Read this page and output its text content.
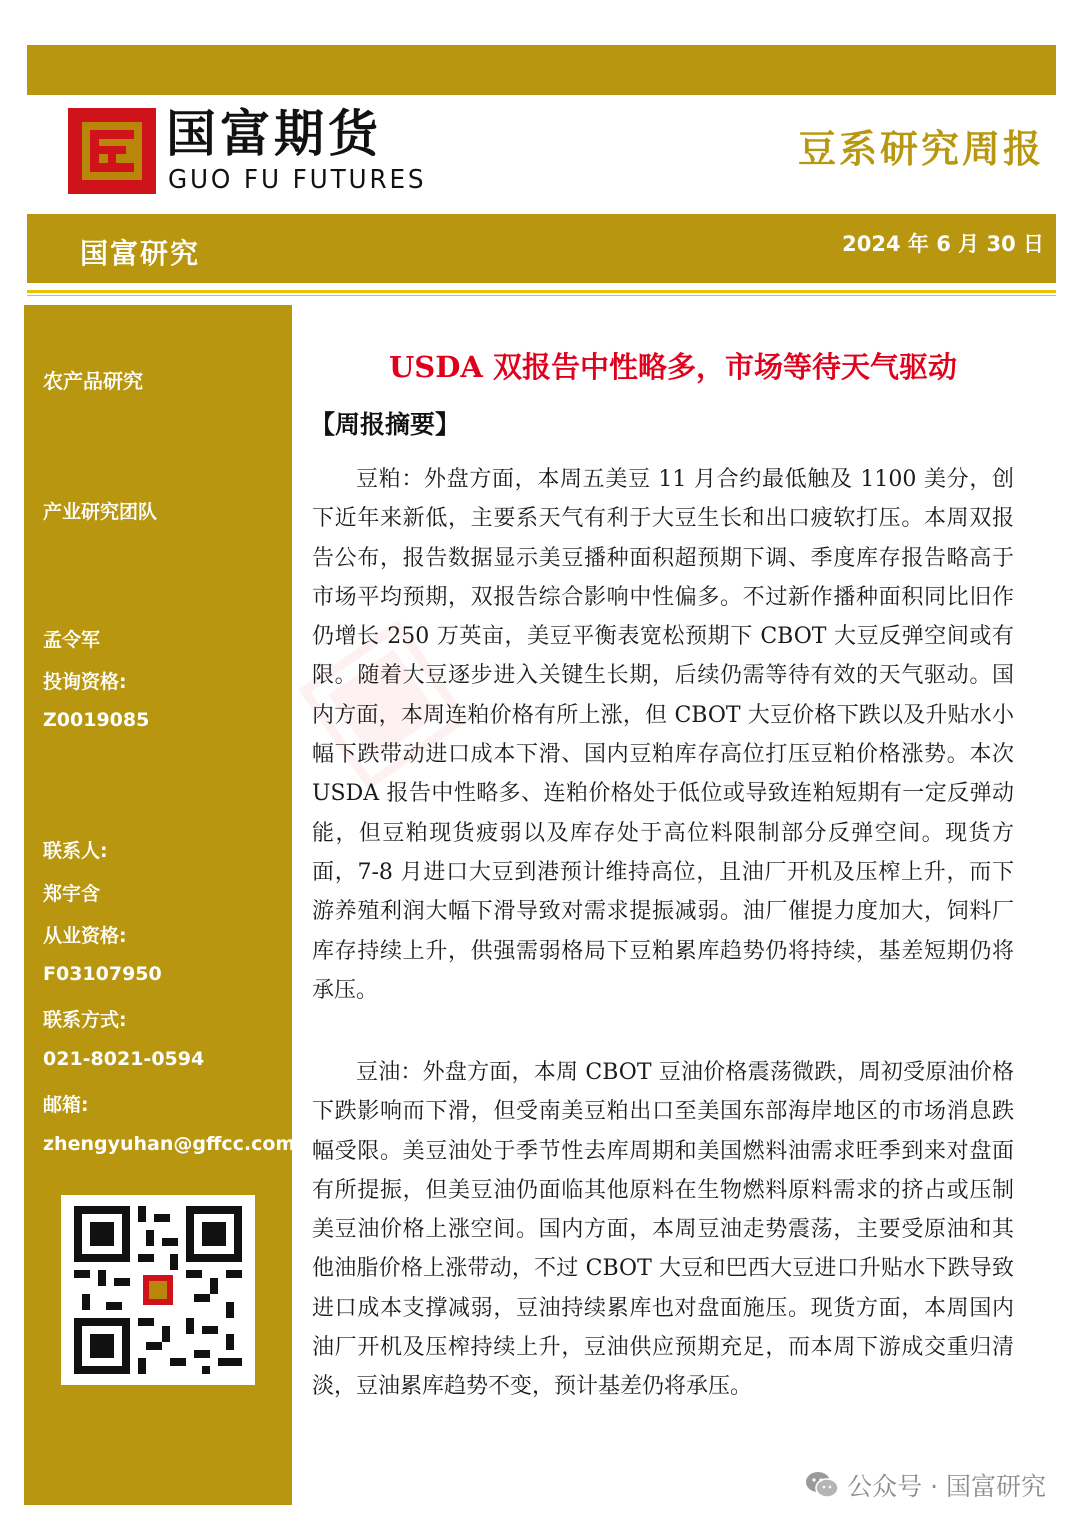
国富期货
GUO FU FUTURES
豆系研究周报
国富研究	2024 年 6 月 30 日
农产品研究
产业研究团队
孟令军
投询资格:
Z0019085
联系人:
郑宇含
从业资格:
F03107950
联系方式:
021-8021-0594
邮箱:
zhengyuhan@gffcc.com
▣
USDA 双报告中性略多，市场等待天气驱动
【周报摘要】

豆粕：外盘方面，本周五美豆 11 月合约最低触及 1100 美分，创下近年来新低，主要系天气有利于大豆生长和出口疲软打压。本周双报告公布，报告数据显示美豆播种面积超预期下调、季度库存报告略高于市场平均预期，双报告综合影响中性偏多。不过新作播种面积同比旧作仍增长 250 万英亩，美豆平衡表宽松预期下 CBOT 大豆反弹空间或有限。随着大豆逐步进入关键生长期，后续仍需等待有效的天气驱动。国内方面，本周连粕价格有所上涨，但 CBOT 大豆价格下跌以及升贴水小幅下跌带动进口成本下滑、国内豆粕库存高位打压豆粕价格涨势。本次 USDA 报告中性略多、连粕价格处于低位或导致连粕短期有一定反弹动能，但豆粕现货疲弱以及库存处于高位料限制部分反弹空间。现货方面，7-8 月进口大豆到港预计维持高位，且油厂开机及压榨上升，而下游养殖利润大幅下滑导致对需求提振减弱。油厂催提力度加大，饲料厂库存持续上升，供强需弱格局下豆粕累库趋势仍将持续，基差短期仍将承压。

豆油：外盘方面，本周 CBOT 豆油价格震荡微跌，周初受原油价格下跌影响而下滑，但受南美豆粕出口至美国东部海岸地区的市场消息跌幅受限。美豆油处于季节性去库周期和美国燃料油需求旺季到来对盘面有所提振，但美豆油仍面临其他原料在生物燃料原料需求的挤占或压制美豆油价格上涨空间。国内方面，本周豆油走势震荡，主要受原油和其他油脂价格上涨带动，不过 CBOT 大豆和巴西大豆进口升贴水下跌导致进口成本支撑减弱，豆油持续累库也对盘面施压。现货方面，本周国内油厂开机及压榨持续上升，豆油供应预期充足，而本周下游成交重归清淡，豆油累库趋势不变，预计基差仍将承压。

公众号 · 国富研究
